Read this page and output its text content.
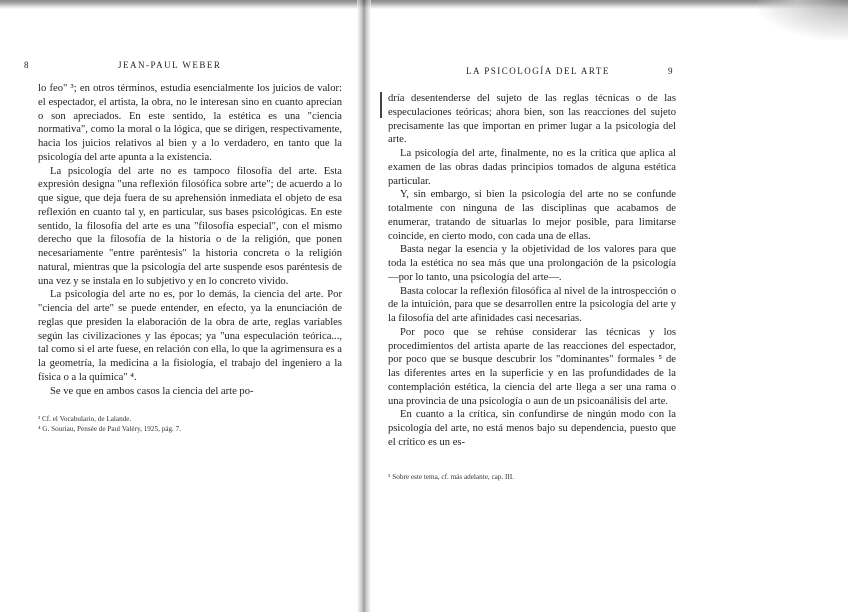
8	JEAN-PAUL WEBER

lo feo" ³; en otros términos, estudia esencialmente los juicios de valor: el espectador, el artista, la obra, no le interesan sino en cuanto aprecian o son apreciados. En este sentido, la estética es una "ciencia normativa", como la moral o la lógica, que se dirigen, respectivamente, hacia los juicios relativos al bien y a lo verdadero, en tanto que la psicología del arte apunta a la existencia.

La psicología del arte no es tampoco filosofía del arte. Esta expresión designa "una reflexión filosófica sobre arte"; de acuerdo a lo que sigue, que deja fuera de su aprehensión inmediata el objeto de esa reflexión en cuanto tal y, en particular, sus bases psicológicas. En este sentido, la filosofía del arte es una "filosofía especial", con el mismo derecho que la filosofía de la historia o de la religión, que ponen necesariamente "entre paréntesis" la historia concreta o la religión natural, mientras que la psicología del arte suspende esos paréntesis de una vez y se instala en lo subjetivo y en lo concreto vivido.

La psicología del arte no es, por lo demás, la ciencia del arte. Por "ciencia del arte" se puede entender, en efecto, ya la enunciación de reglas que presiden la elaboración de la obra de arte, reglas variables según las civilizaciones y las épocas; ya "una especulación teórica..., tal como si el arte fuese, en relación con ella, lo que la agrimensura es a la geometría, la medicina a la fisiología, el trabajo del ingeniero a la física o a la química" ⁴.

Se ve que en ambos casos la ciencia del arte po-

³ Cf. el Vocabulario, de Lalande.
⁴ G. Souriau, Pensée de Paul Valéry, 1925, pág. 7.
LA PSICOLOGÍA DEL ARTE	9

dría desentenderse del sujeto de las reglas técnicas o de las especulaciones teóricas; ahora bien, son las reacciones del sujeto precisamente las que importan en primer lugar a la psicología del arte.

La psicología del arte, finalmente, no es la crítica que aplica al examen de las obras dadas principios tomados de alguna estética particular.

Y, sin embargo, si bien la psicología del arte no se confunde totalmente con ninguna de las disciplinas que acabamos de enumerar, tratando de situarlas lo mejor posible, para limitarse coincide, en cierto modo, con cada una de ellas.

Basta negar la esencia y la objetividad de los valores para que toda la estética no sea más que una prolongación de la psicología —por lo tanto, una psicología del arte—.

Basta colocar la reflexión filosófica al nivel de la introspección o de la intuición, para que se desarrollen entre la psicología del arte y la filosofía del arte afinidades casi necesarias.

Por poco que se rehúse considerar las técnicas y los procedimientos del artista aparte de las reacciones del espectador, por poco que se busque descubrir los "dominantes" formales ⁵ de las diferentes artes en la superficie y en las profundidades de la contemplación estética, la ciencia del arte llega a ser una rama o una provincia de una psicología o aun de un psicoanálisis del arte.

En cuanto a la crítica, sin confundirse de ningún modo con la psicología del arte, no está menos bajo su dependencia, puesto que el crítico es un es-

⁵ Sobre este tema, cf. más adelante, cap. III.
